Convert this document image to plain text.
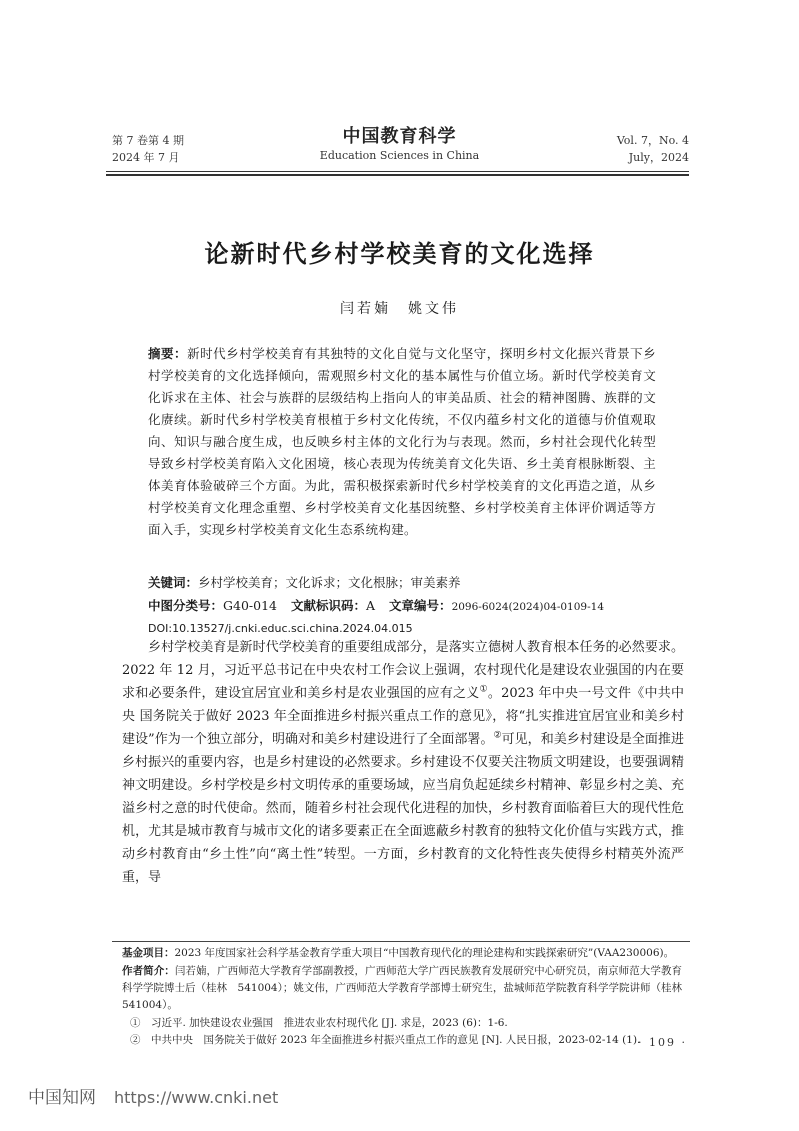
第 7 卷第 4 期
2024 年 7 月
中国教育科学
Education Sciences in China
Vol. 7，No. 4
July，2024
论新时代乡村学校美育的文化选择
闫若婻　姚文伟
摘要：新时代乡村学校美育有其独特的文化自觉与文化坚守，探明乡村文化振兴背景下乡村学校美育的文化选择倾向，需观照乡村文化的基本属性与价值立场。新时代学校美育文化诉求在主体、社会与族群的层级结构上指向人的审美品质、社会的精神图腾、族群的文化赓续。新时代乡村学校美育根植于乡村文化传统，不仅内蕴乡村文化的道德与价值观取向、知识与融合度生成，也反映乡村主体的文化行为与表现。然而，乡村社会现代化转型导致乡村学校美育陷入文化困境，核心表现为传统美育文化失语、乡土美育根脉断裂、主体美育体验破碎三个方面。为此，需积极探索新时代乡村学校美育的文化再造之道，从乡村学校美育文化理念重塑、乡村学校美育文化基因统整、乡村学校美育主体评价调适等方面入手，实现乡村学校美育文化生态系统构建。
关键词：乡村学校美育；文化诉求；文化根脉；审美素养
中图分类号：G40-014 文献标识码：A 文章编号：2096-6024(2024)04-0109-14
DOI:10.13527/j.cnki.educ.sci.china.2024.04.015
乡村学校美育是新时代学校美育的重要组成部分，是落实立德树人教育根本任务的必然要求。2022 年 12 月，习近平总书记在中央农村工作会议上强调，农村现代化是建设农业强国的内在要求和必要条件，建设宜居宜业和美乡村是农业强国的应有之义①。2023 年中央一号文件《中共中央 国务院关于做好 2023 年全面推进乡村振兴重点工作的意见》，将“扎实推进宜居宜业和美乡村建设”作为一个独立部分，明确对和美乡村建设进行了全面部署。②可见，和美乡村建设是全面推进乡村振兴的重要内容，也是乡村建设的必然要求。乡村建设不仅要关注物质文明建设，也要强调精神文明建设。乡村学校是乡村文明传承的重要场域，应当肩负起延续乡村精神、彰显乡村之美、充溢乡村之意的时代使命。然而，随着乡村社会现代化进程的加快，乡村教育面临着巨大的现代性危机，尤其是城市教育与城市文化的诸多要素正在全面遮蔽乡村教育的独特文化价值与实践方式，推动乡村教育由“乡土性”向“离土性”转型。一方面，乡村教育的文化特性丧失使得乡村精英外流严重，导
基金项目：2023 年度国家社会科学基金教育学重大项目“中国教育现代化的理论建构和实践探索研究”(VAA230006)。
作者简介：闫若婻，广西师范大学教育学部副教授，广西师范大学广西民族教育发展研究中心研究员，南京师范大学教育科学学院博士后（桂林　541004）；姚文伟，广西师范大学教育学部博士研究生，盐城师范学院教育科学学院讲师（桂林　541004）。
①　习近平. 加快建设农业强国　推进农业农村现代化 [J]. 求是，2023 (6)：1-6.
②　中共中央　国务院关于做好 2023 年全面推进乡村振兴重点工作的意见 [N]. 人民日报，2023-02-14 (1).
· 109 ·
中国知网 https://www.cnki.net
